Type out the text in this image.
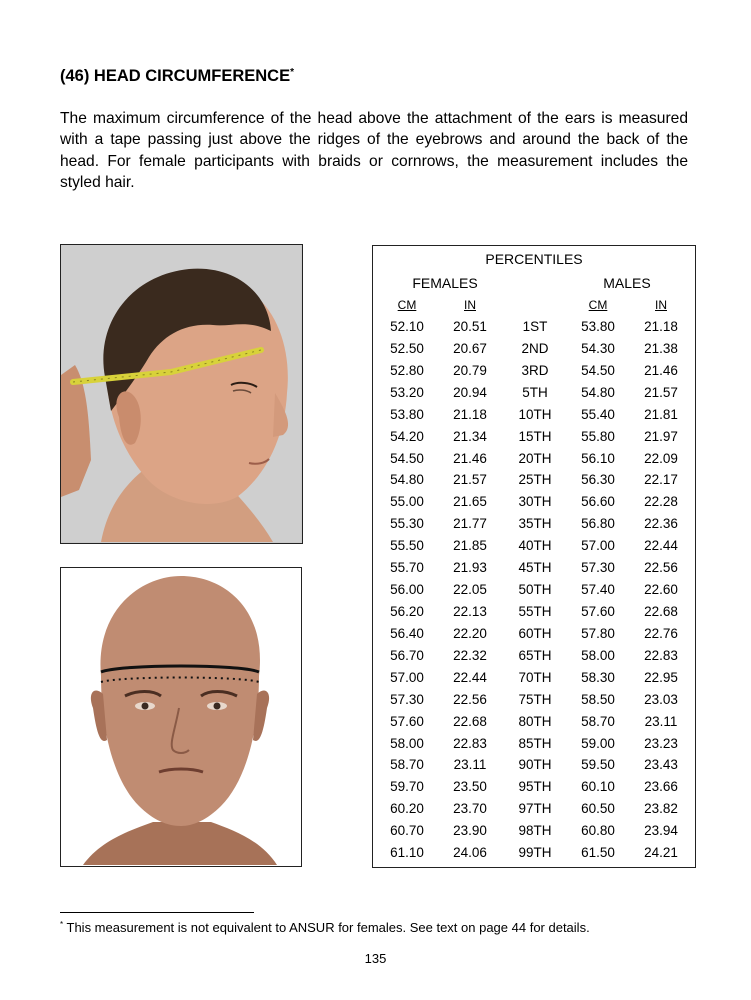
(46) HEAD CIRCUMFERENCE*
The maximum circumference of the head above the attachment of the ears is measured with a tape passing just above the ridges of the eyebrows and around the back of the head. For female participants with braids or cornrows, the measurement includes the styled hair.
PERCENTILES
FEMALES	MALES
CM	IN	CM	IN
52.10	20.51	1ST	53.80	21.18
52.50	20.67	2ND	54.30	21.38
52.80	20.79	3RD	54.50	21.46
53.20	20.94	5TH	54.80	21.57
53.80	21.18	10TH	55.40	21.81
54.20	21.34	15TH	55.80	21.97
54.50	21.46	20TH	56.10	22.09
54.80	21.57	25TH	56.30	22.17
55.00	21.65	30TH	56.60	22.28
55.30	21.77	35TH	56.80	22.36
55.50	21.85	40TH	57.00	22.44
55.70	21.93	45TH	57.30	22.56
56.00	22.05	50TH	57.40	22.60
56.20	22.13	55TH	57.60	22.68
56.40	22.20	60TH	57.80	22.76
56.70	22.32	65TH	58.00	22.83
57.00	22.44	70TH	58.30	22.95
57.30	22.56	75TH	58.50	23.03
57.60	22.68	80TH	58.70	23.11
58.00	22.83	85TH	59.00	23.23
58.70	23.11	90TH	59.50	23.43
59.70	23.50	95TH	60.10	23.66
60.20	23.70	97TH	60.50	23.82
60.70	23.90	98TH	60.80	23.94
61.10	24.06	99TH	61.50	24.21
* This measurement is not equivalent to ANSUR for females. See text on page 44 for details.
135
